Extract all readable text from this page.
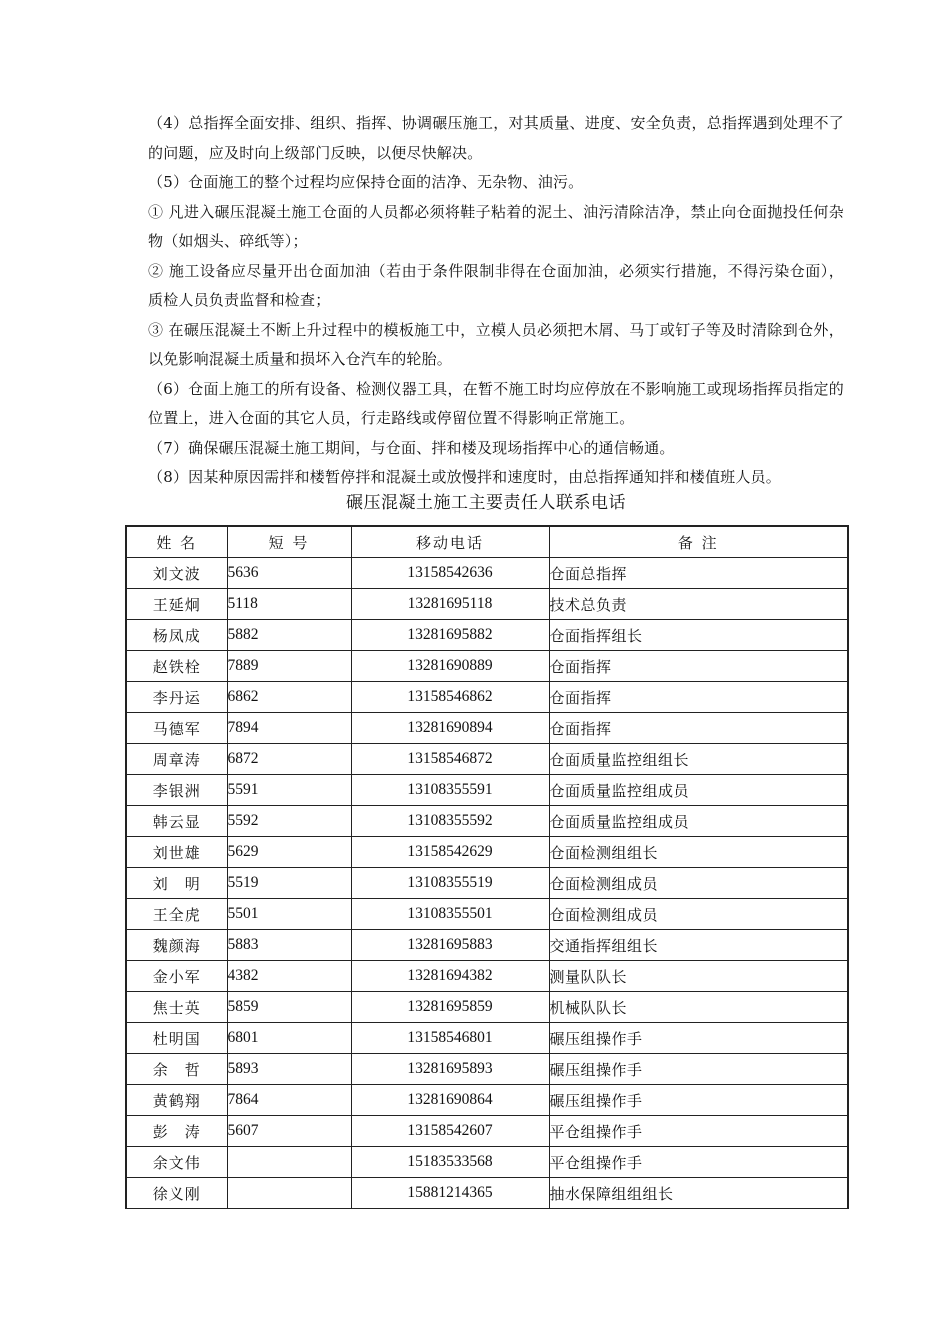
（4）总指挥全面安排、组织、指挥、协调碾压施工，对其质量、进度、安全负责，总指挥遇到处理不了的问题，应及时向上级部门反映，以便尽快解决。

（5）仓面施工的整个过程均应保持仓面的洁净、无杂物、油污。

① 凡进入碾压混凝土施工仓面的人员都必须将鞋子粘着的泥土、油污清除洁净，禁止向仓面抛投任何杂物（如烟头、碎纸等）；

② 施工设备应尽量开出仓面加油（若由于条件限制非得在仓面加油，必须实行措施，不得污染仓面），质检人员负责监督和检查；

③ 在碾压混凝土不断上升过程中的模板施工中，立模人员必须把木屑、马丁或钉子等及时清除到仓外，以免影响混凝土质量和损坏入仓汽车的轮胎。

（6）仓面上施工的所有设备、检测仪器工具，在暂不施工时均应停放在不影响施工或现场指挥员指定的位置上，进入仓面的其它人员，行走路线或停留位置不得影响正常施工。

（7）确保碾压混凝土施工期间，与仓面、拌和楼及现场指挥中心的通信畅通。

（8）因某种原因需拌和楼暂停拌和混凝土或放慢拌和速度时，由总指挥通知拌和楼值班人员。

碾压混凝土施工主要责任人联系电话
姓 名	短 号	移动电话	备 注
刘文波	5636	13158542636	仓面总指挥
王延炯	5118	13281695118	技术总负责
杨凤成	5882	13281695882	仓面指挥组长
赵铁栓	7889	13281690889	仓面指挥
李丹运	6862	13158546862	仓面指挥
马德军	7894	13281690894	仓面指挥
周章涛	6872	13158546872	仓面质量监控组组长
李银洲	5591	13108355591	仓面质量监控组成员
韩云显	5592	13108355592	仓面质量监控组成员
刘世雄	5629	13158542629	仓面检测组组长
刘　明	5519	13108355519	仓面检测组成员
王全虎	5501	13108355501	仓面检测组成员
魏颜海	5883	13281695883	交通指挥组组长
金小军	4382	13281694382	测量队队长
焦士英	5859	13281695859	机械队队长
杜明国	6801	13158546801	碾压组操作手
余　哲	5893	13281695893	碾压组操作手
黄鹤翔	7864	13281690864	碾压组操作手
彭　涛	5607	13158542607	平仓组操作手
余文伟		15183533568	平仓组操作手
徐义刚		15881214365	抽水保障组组组长
